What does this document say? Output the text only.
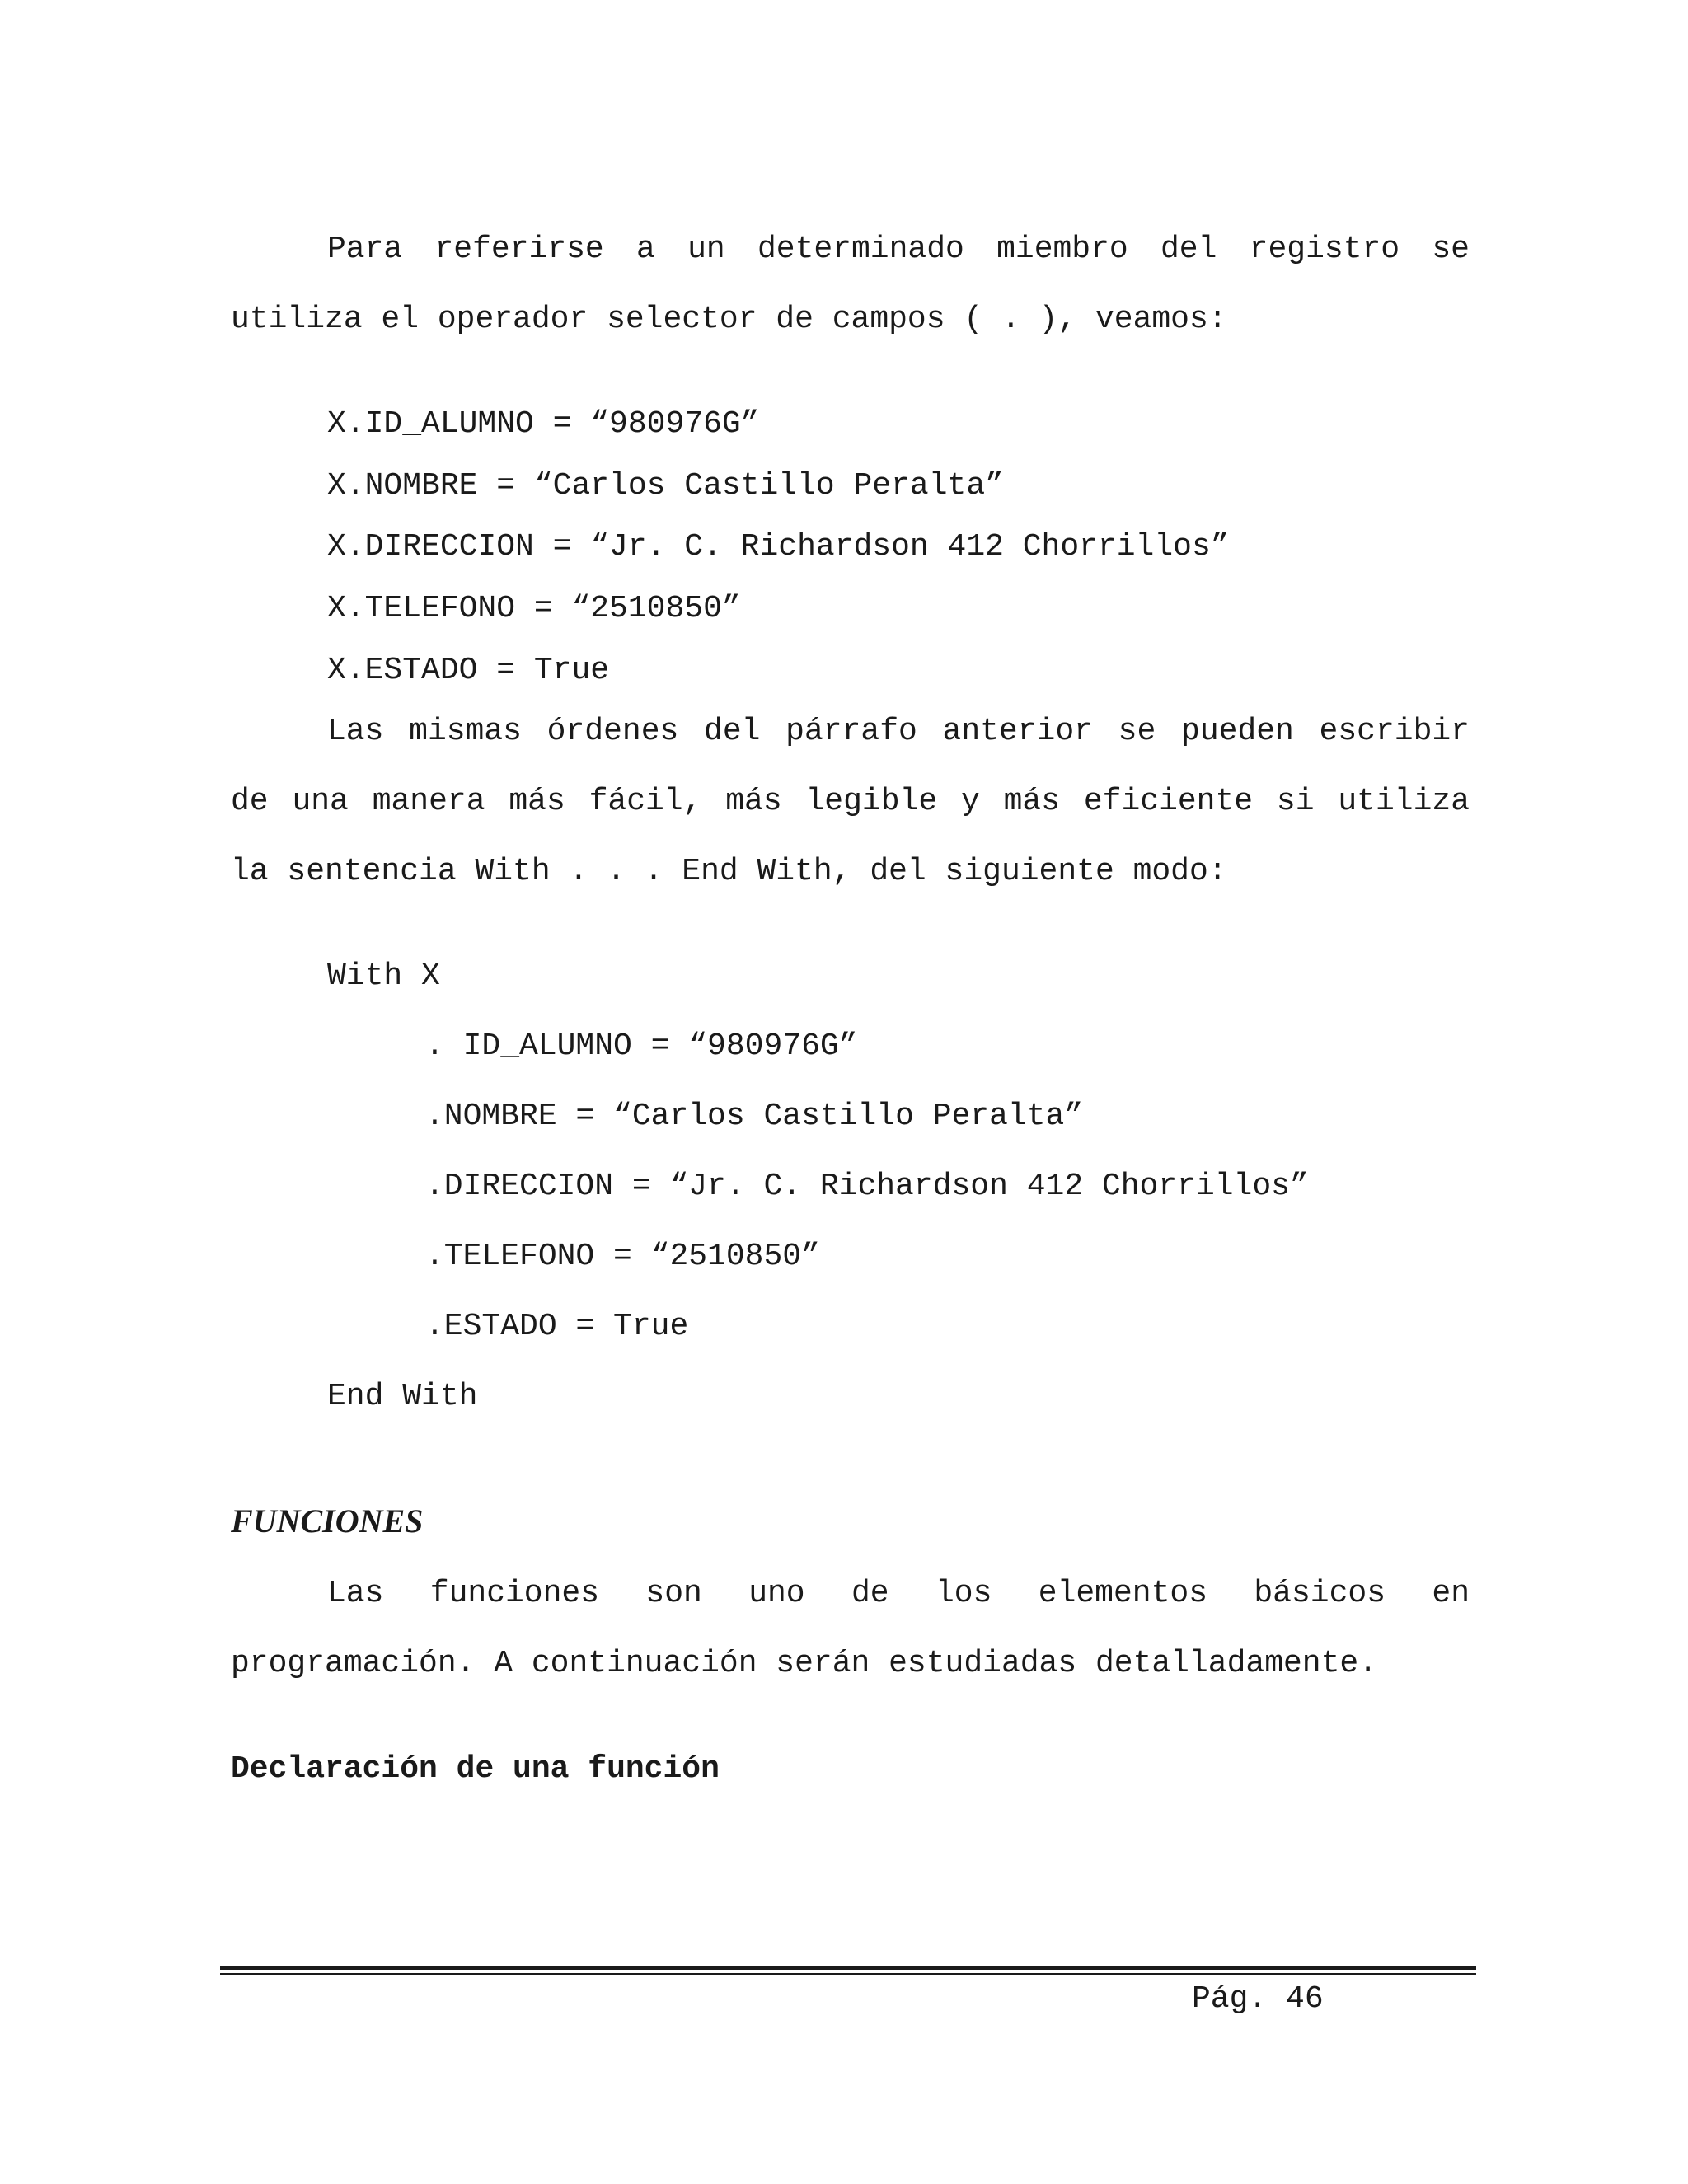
Para referirse a un determinado miembro del registro se
utiliza el operador selector de campos ( . ), veamos:
X.ID_ALUMNO = “980976G”
X.NOMBRE = “Carlos Castillo Peralta”
X.DIRECCION = “Jr. C. Richardson 412 Chorrillos”
X.TELEFONO = “2510850”
X.ESTADO = True
Las mismas órdenes del párrafo anterior se pueden escribir
de una manera más fácil, más legible y más eficiente si utiliza
la sentencia With . . . End With, del siguiente modo:
With X
. ID_ALUMNO = “980976G”
.NOMBRE = “Carlos Castillo Peralta”
.DIRECCION = “Jr. C. Richardson 412 Chorrillos”
.TELEFONO = “2510850”
.ESTADO = True
End With
FUNCIONES
Las funciones son uno de los elementos básicos en
programación. A continuación serán estudiadas detalladamente.
Declaración de una función
Pág. 46
